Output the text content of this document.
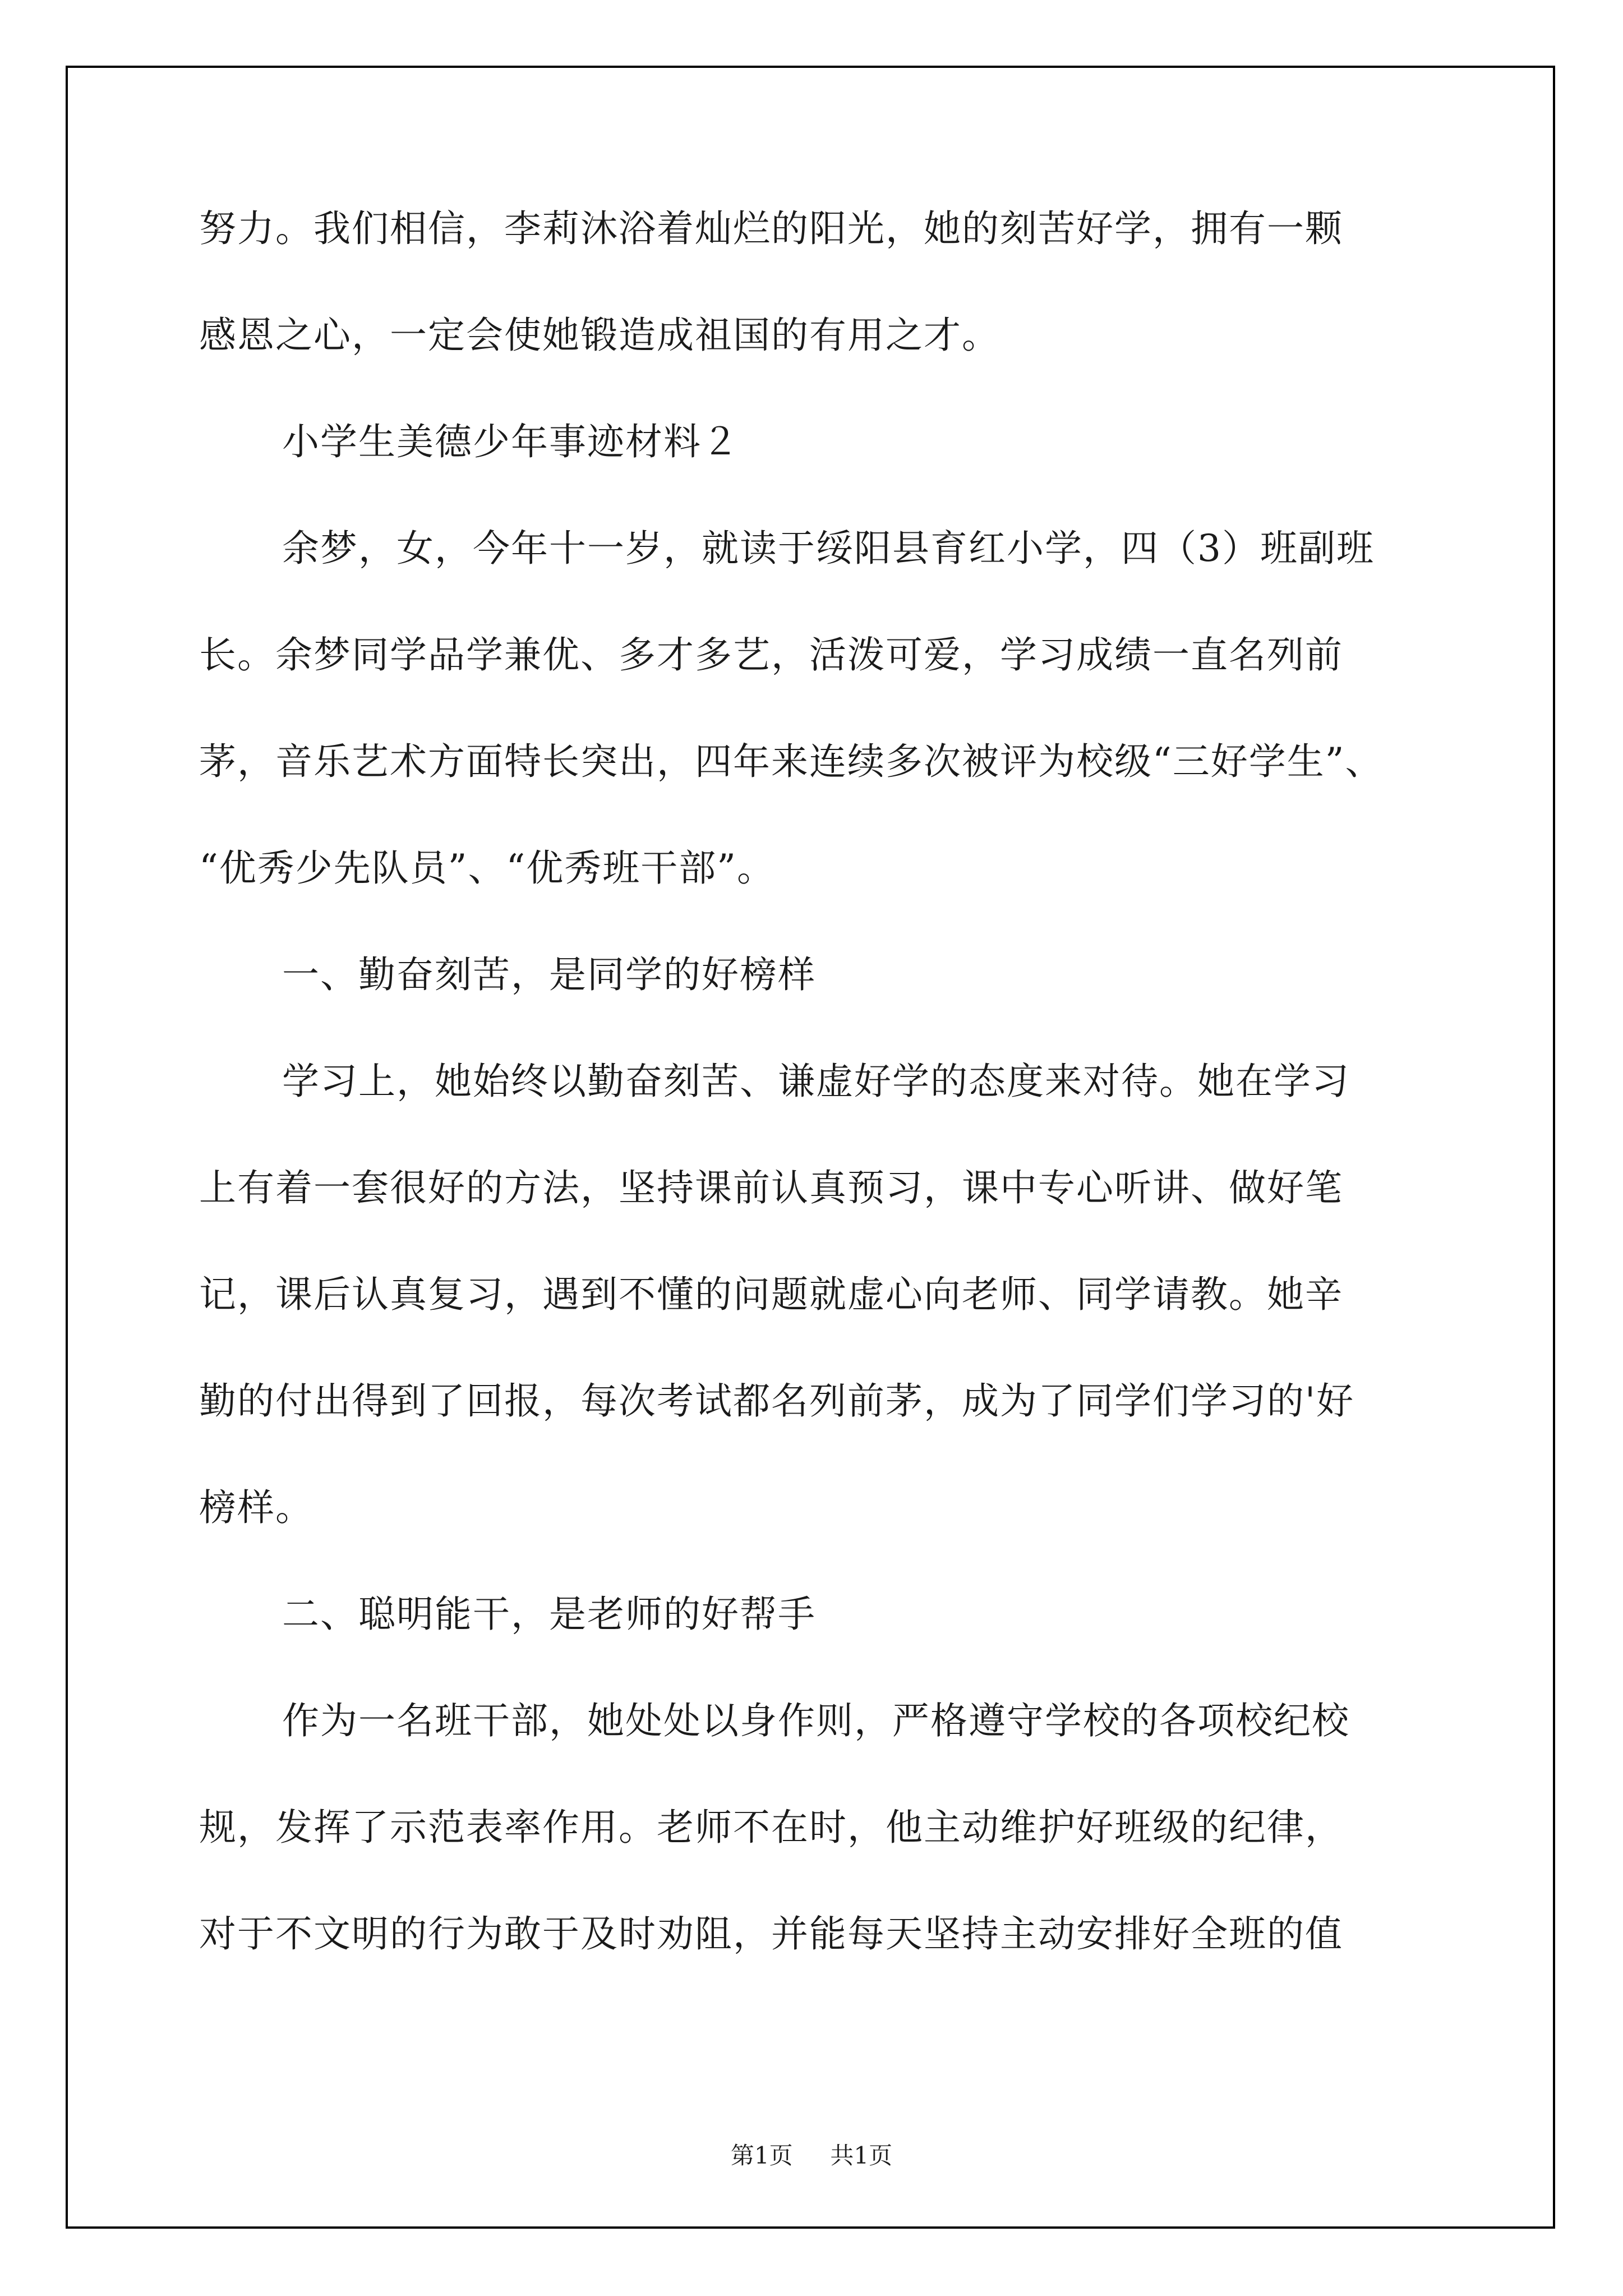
努力。我们相信，李莉沐浴着灿烂的阳光，她的刻苦好学，拥有一颗
感恩之心，一定会使她锻造成祖国的有用之才。
小学生美德少年事迹材料２
余梦，女，今年十一岁，就读于绥阳县育红小学，四（3）班副班
长。余梦同学品学兼优、多才多艺，活泼可爱，学习成绩一直名列前
茅，音乐艺术方面特长突出，四年来连续多次被评为校级“三好学生”、
“优秀少先队员”、“优秀班干部”。
一、勤奋刻苦，是同学的好榜样
学习上，她始终以勤奋刻苦、谦虚好学的态度来对待。她在学习
上有着一套很好的方法，坚持课前认真预习，课中专心听讲、做好笔
记，课后认真复习，遇到不懂的问题就虚心向老师、同学请教。她辛
勤的付出得到了回报，每次考试都名列前茅，成为了同学们学习的'好
榜样。
二、聪明能干，是老师的好帮手
作为一名班干部，她处处以身作则，严格遵守学校的各项校纪校
规，发挥了示范表率作用。老师不在时，他主动维护好班级的纪律，
对于不文明的行为敢于及时劝阻，并能每天坚持主动安排好全班的值
第1页 共1页
